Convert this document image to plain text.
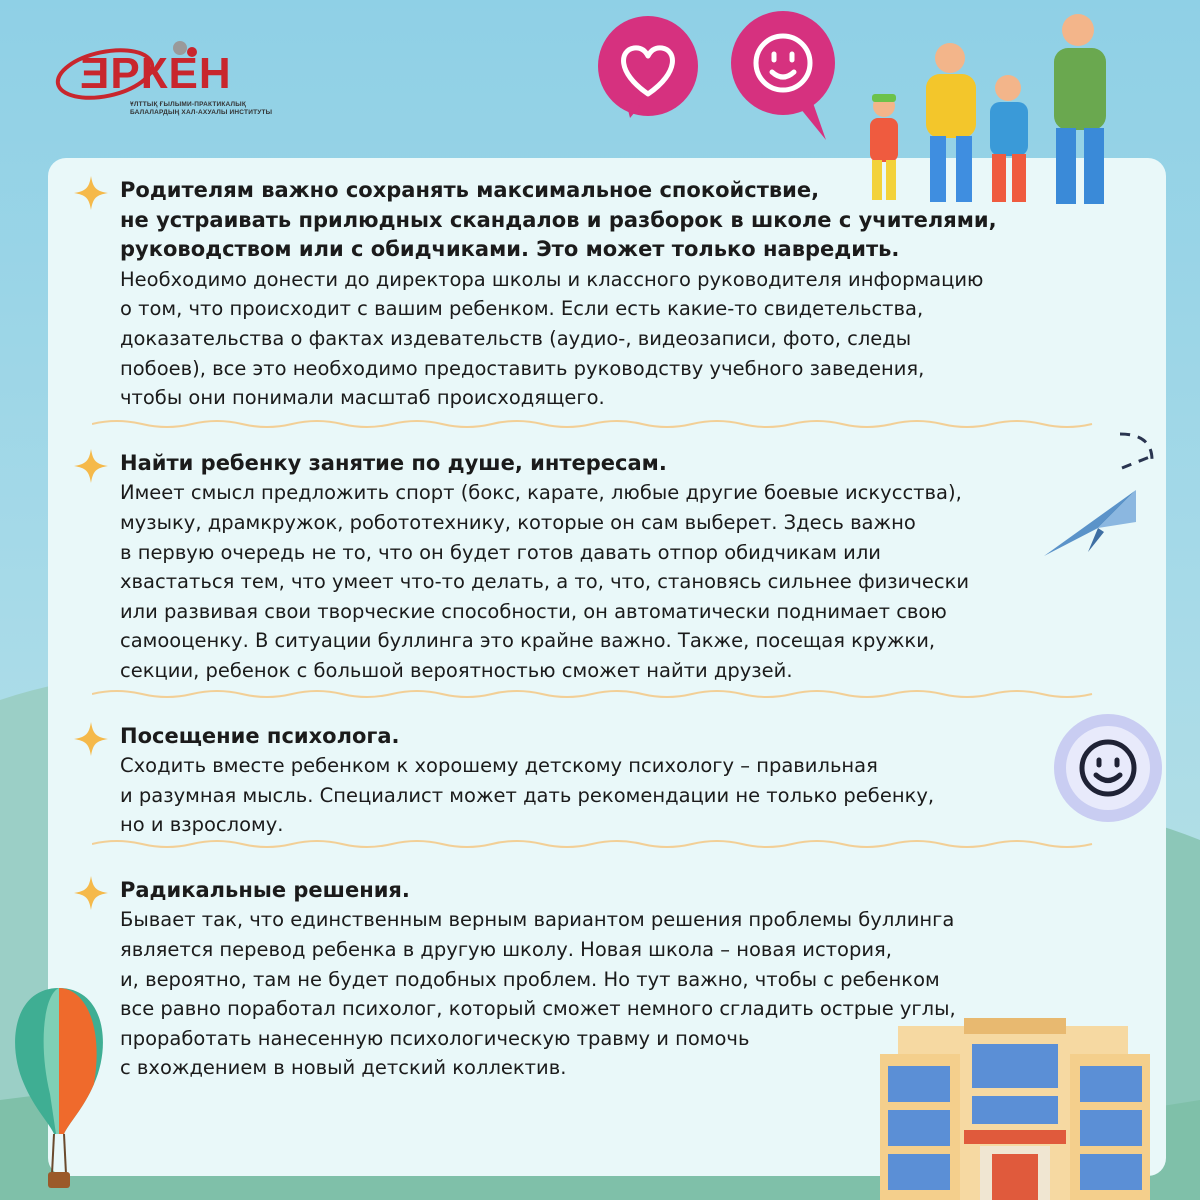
ƎРКЕН
ҰЛТТЫҚ ҒЫЛЫМИ-ПРАКТИКАЛЫҚ БАЛАЛАРДЫҢ ХАЛ-АХУАЛЫ ИНСТИТУТЫ
Родителям важно сохранять максимальное спокойствие,
не устраивать прилюдных скандалов и разборок в школе с учителями,
руководством или с обидчиками. Это может только навредить.
Необходимо донести до директора школы и классного руководителя информацию
о том, что происходит с вашим ребенком. Если есть какие-то свидетельства,
доказательства о фактах издевательств (аудио-, видеозаписи, фото, следы
побоев), все это необходимо предоставить руководству учебного заведения,
чтобы они понимали масштаб происходящего.
Найти ребенку занятие по душе, интересам.
Имеет смысл предложить спорт (бокс, карате, любые другие боевые искусства),
музыку, драмкружок, робототехнику, которые он сам выберет. Здесь важно
в первую очередь не то, что он будет готов давать отпор обидчикам или
хвастаться тем, что умеет что-то делать, а то, что, становясь сильнее физически
или развивая свои творческие способности, он автоматически поднимает свою
самооценку. В ситуации буллинга это крайне важно. Также, посещая кружки,
секции, ребенок с большой вероятностью сможет найти друзей.
Посещение психолога.
Сходить вместе ребенком к хорошему детскому психологу – правильная
и разумная мысль. Специалист может дать рекомендации не только ребенку,
но и взрослому.
Радикальные решения.
Бывает так, что единственным верным вариантом решения проблемы буллинга
является перевод ребенка в другую школу. Новая школа – новая история,
и, вероятно, там не будет подобных проблем. Но тут важно, чтобы с ребенком
все равно поработал психолог, который сможет немного сгладить острые углы,
проработать нанесенную психологическую травму и помочь
с вхождением в новый детский коллектив.
